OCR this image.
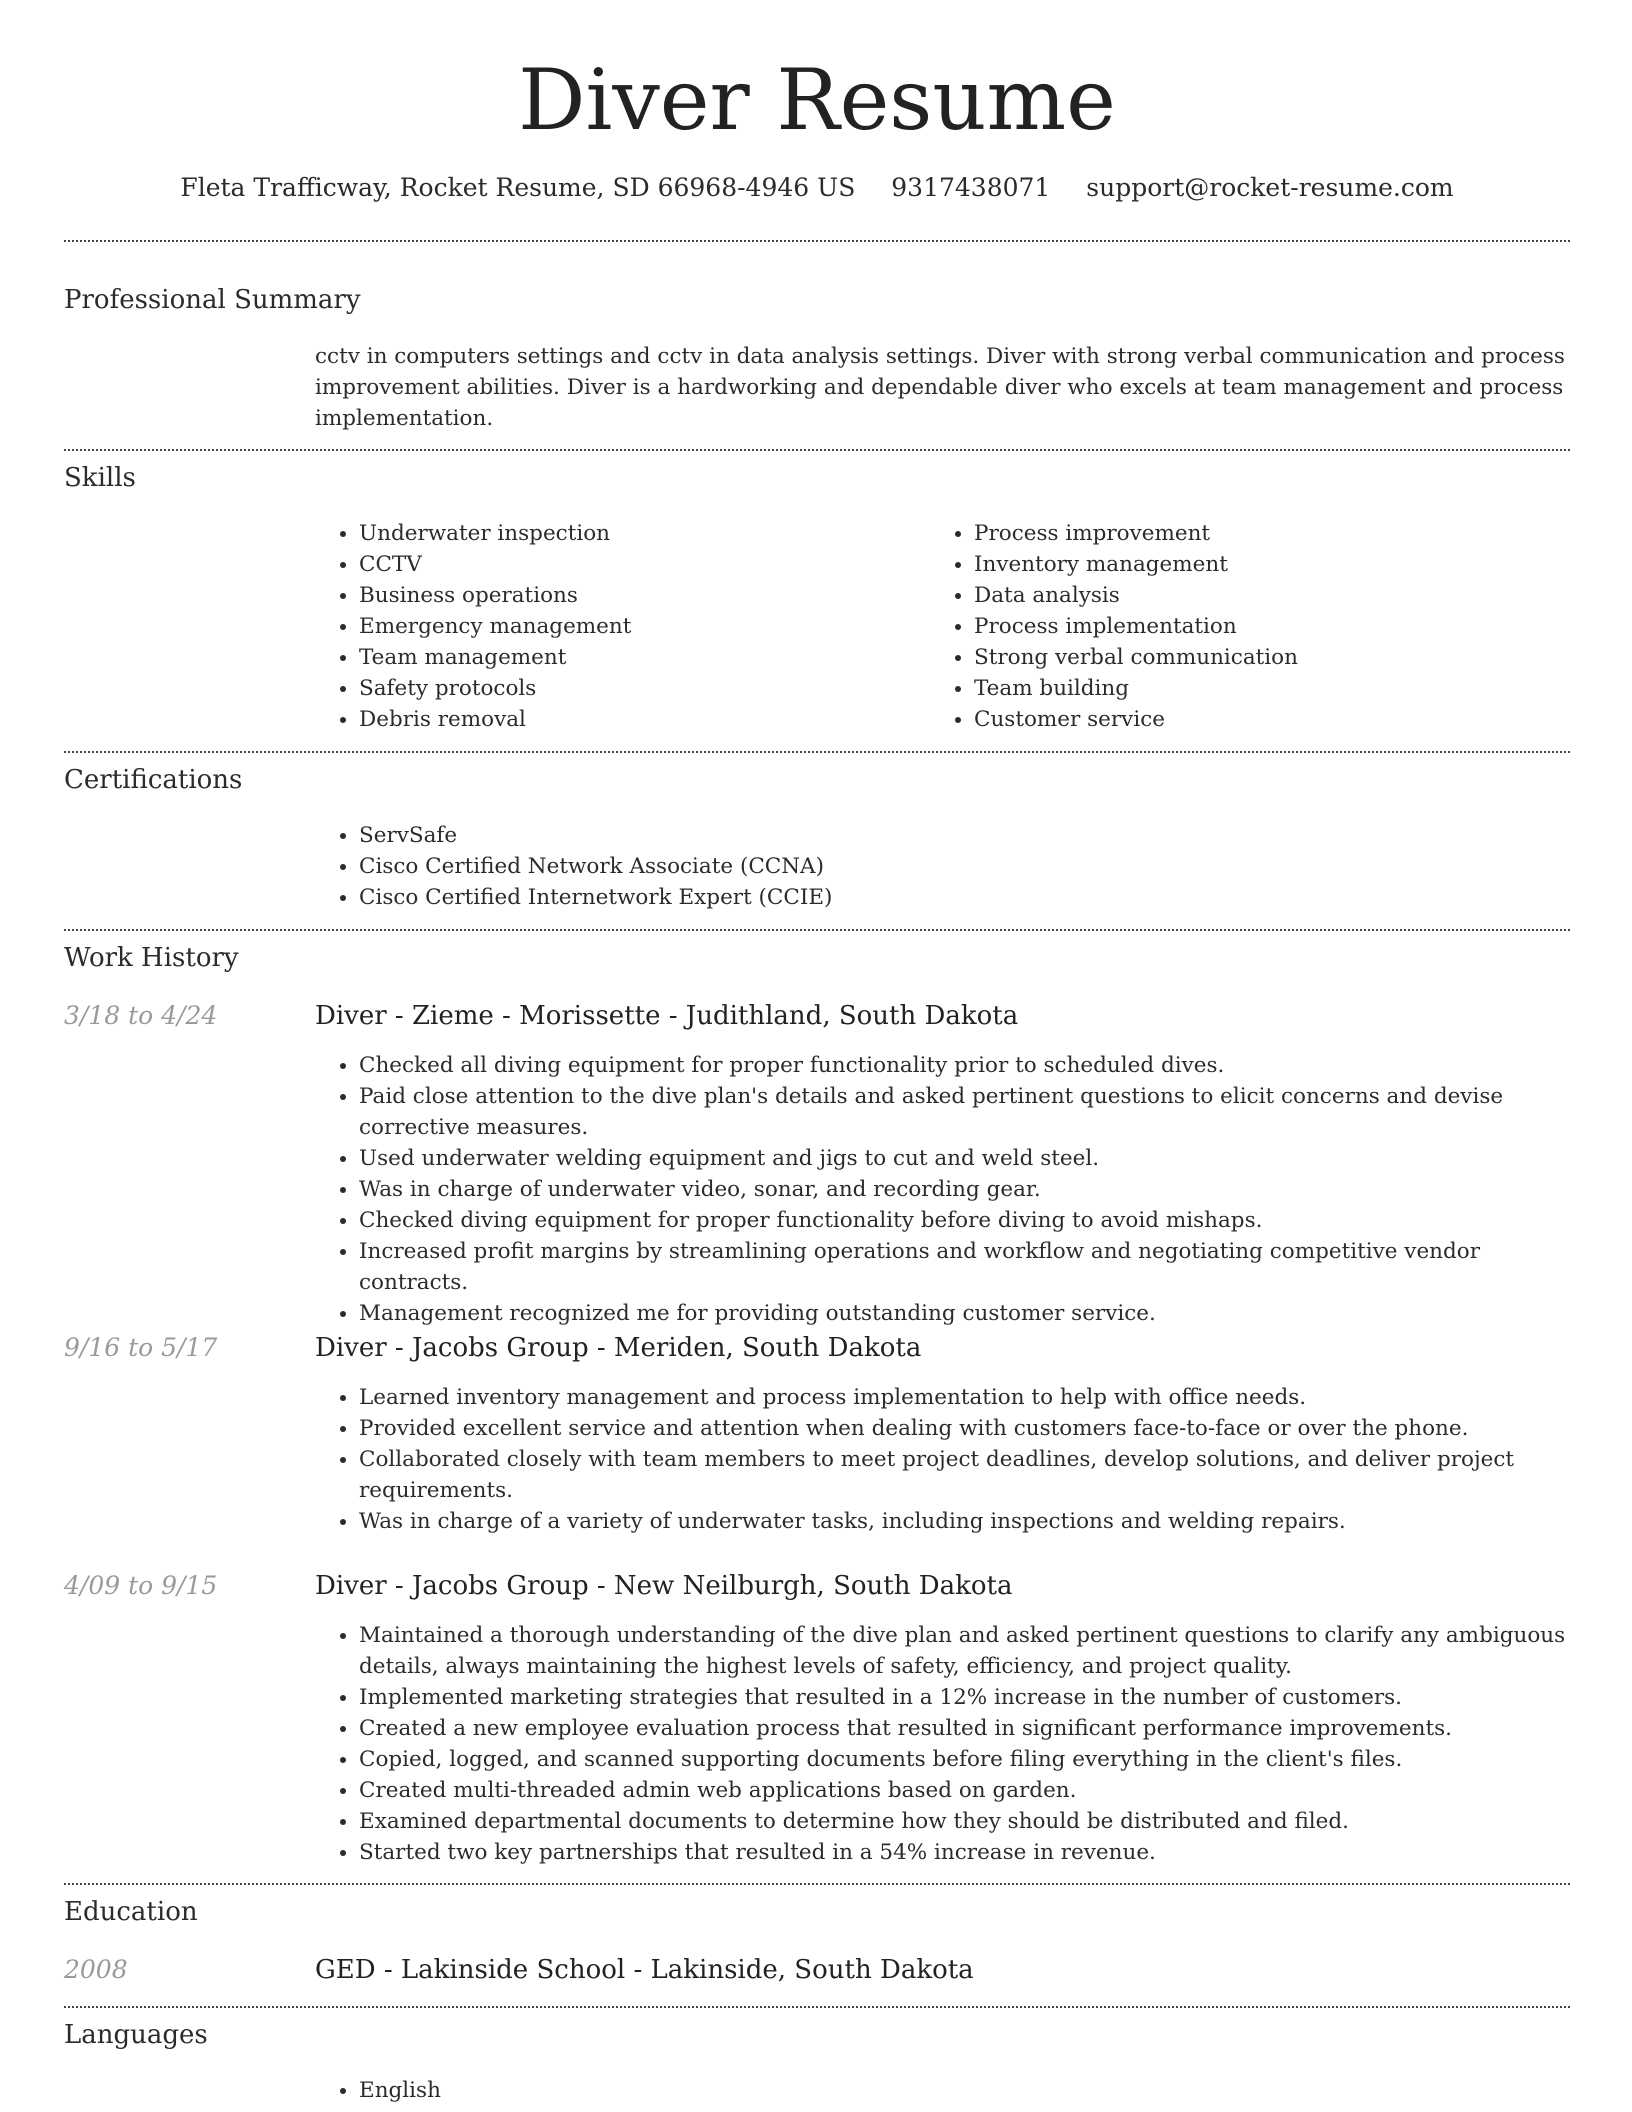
Diver Resume
Fleta Trafficway, Rocket Resume, SD 66968-4946 US 9317438071 support@rocket-resume.com
Professional Summary

cctv in computers settings and cctv in data analysis settings. Diver with strong verbal communication and process improvement abilities. Diver is a hardworking and dependable diver who excels at team management and process implementation.

Skills
• Underwater inspection
• CCTV
• Business operations
• Emergency management
• Team management
• Safety protocols
• Debris removal
• Process improvement
• Inventory management
• Data analysis
• Process implementation
• Strong verbal communication
• Team building
• Customer service
Certifications
• ServSafe
• Cisco Certified Network Associate (CCNA)
• Cisco Certified Internetwork Expert (CCIE)
Work History
3/18 to 4/24	Diver - Zieme - Morissette - Judithland, South Dakota
• Checked all diving equipment for proper functionality prior to scheduled dives.
• Paid close attention to the dive plan's details and asked pertinent questions to elicit concerns and devise corrective measures.
• Used underwater welding equipment and jigs to cut and weld steel.
• Was in charge of underwater video, sonar, and recording gear.
• Checked diving equipment for proper functionality before diving to avoid mishaps.
• Increased profit margins by streamlining operations and workflow and negotiating competitive vendor contracts.
• Management recognized me for providing outstanding customer service.
9/16 to 5/17	Diver - Jacobs Group - Meriden, South Dakota
• Learned inventory management and process implementation to help with office needs.
• Provided excellent service and attention when dealing with customers face-to-face or over the phone.
• Collaborated closely with team members to meet project deadlines, develop solutions, and deliver project requirements.
• Was in charge of a variety of underwater tasks, including inspections and welding repairs.
4/09 to 9/15	Diver - Jacobs Group - New Neilburgh, South Dakota
• Maintained a thorough understanding of the dive plan and asked pertinent questions to clarify any ambiguous details, always maintaining the highest levels of safety, efficiency, and project quality.
• Implemented marketing strategies that resulted in a 12% increase in the number of customers.
• Created a new employee evaluation process that resulted in significant performance improvements.
• Copied, logged, and scanned supporting documents before filing everything in the client's files.
• Created multi-threaded admin web applications based on garden.
• Examined departmental documents to determine how they should be distributed and filed.
• Started two key partnerships that resulted in a 54% increase in revenue.
Education
2008	GED - Lakinside School - Lakinside, South Dakota
Languages
• English
